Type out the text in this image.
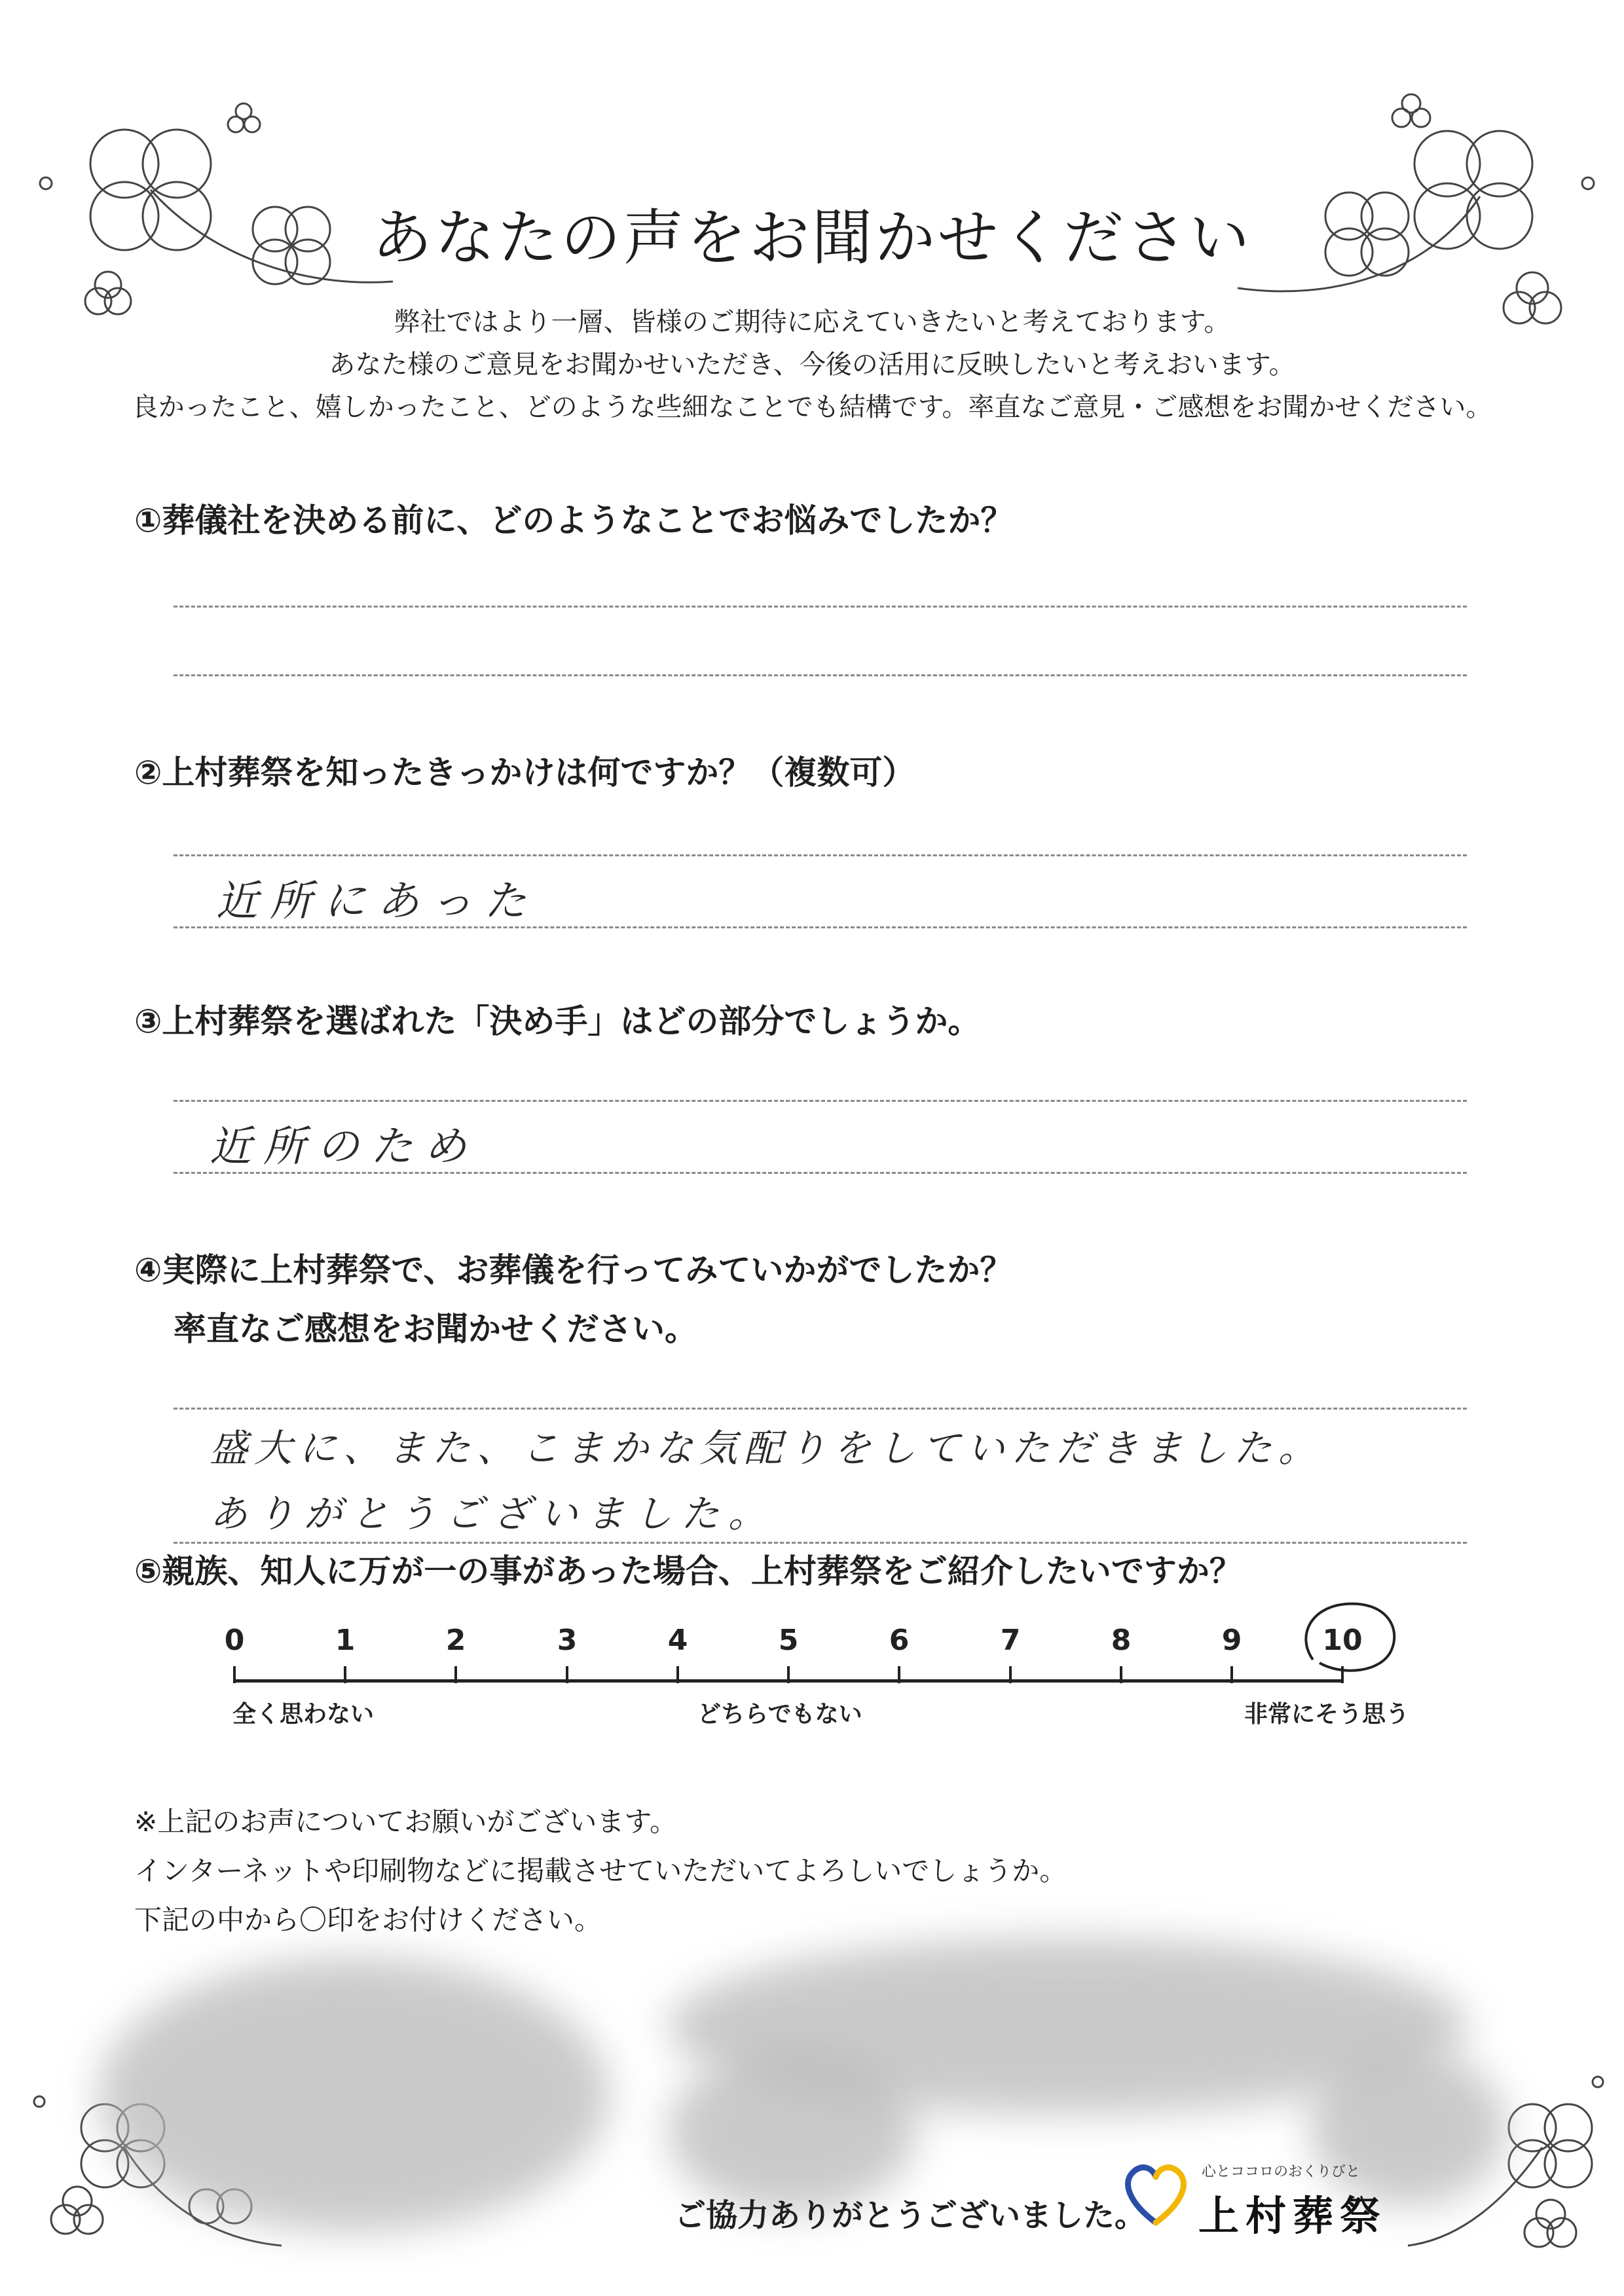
あなたの声をお聞かせください
弊社ではより一層、皆様のご期待に応えていきたいと考えております。
あなた様のご意見をお聞かせいただき、今後の活用に反映したいと考えおいます。
良かったこと、嬉しかったこと、どのような些細なことでも結構です。率直なご意見・ご感想をお聞かせください。
①葬儀社を決める前に、どのようなことでお悩みでしたか？
②上村葬祭を知ったきっかけは何ですか？（複数可）
近所にあった
③上村葬祭を選ばれた「決め手」はどの部分でしょうか。
近所のため
④実際に上村葬祭で、お葬儀を行ってみていかがでしたか？
率直なご感想をお聞かせください。
盛大に、また、こまかな気配りをしていただきました。
ありがとうございました。
⑤親族、知人に万が一の事があった場合、上村葬祭をご紹介したいですか？
0	1	2	3	4	5	6	7	8	9	10
全く思わない	どちらでもない	非常にそう思う
※上記のお声についてお願いがございます。
インターネットや印刷物などに掲載させていただいてよろしいでしょうか。
下記の中から〇印をお付けください。
ご協力ありがとうございました。
心とココロのおくりびと
上村葬祭
